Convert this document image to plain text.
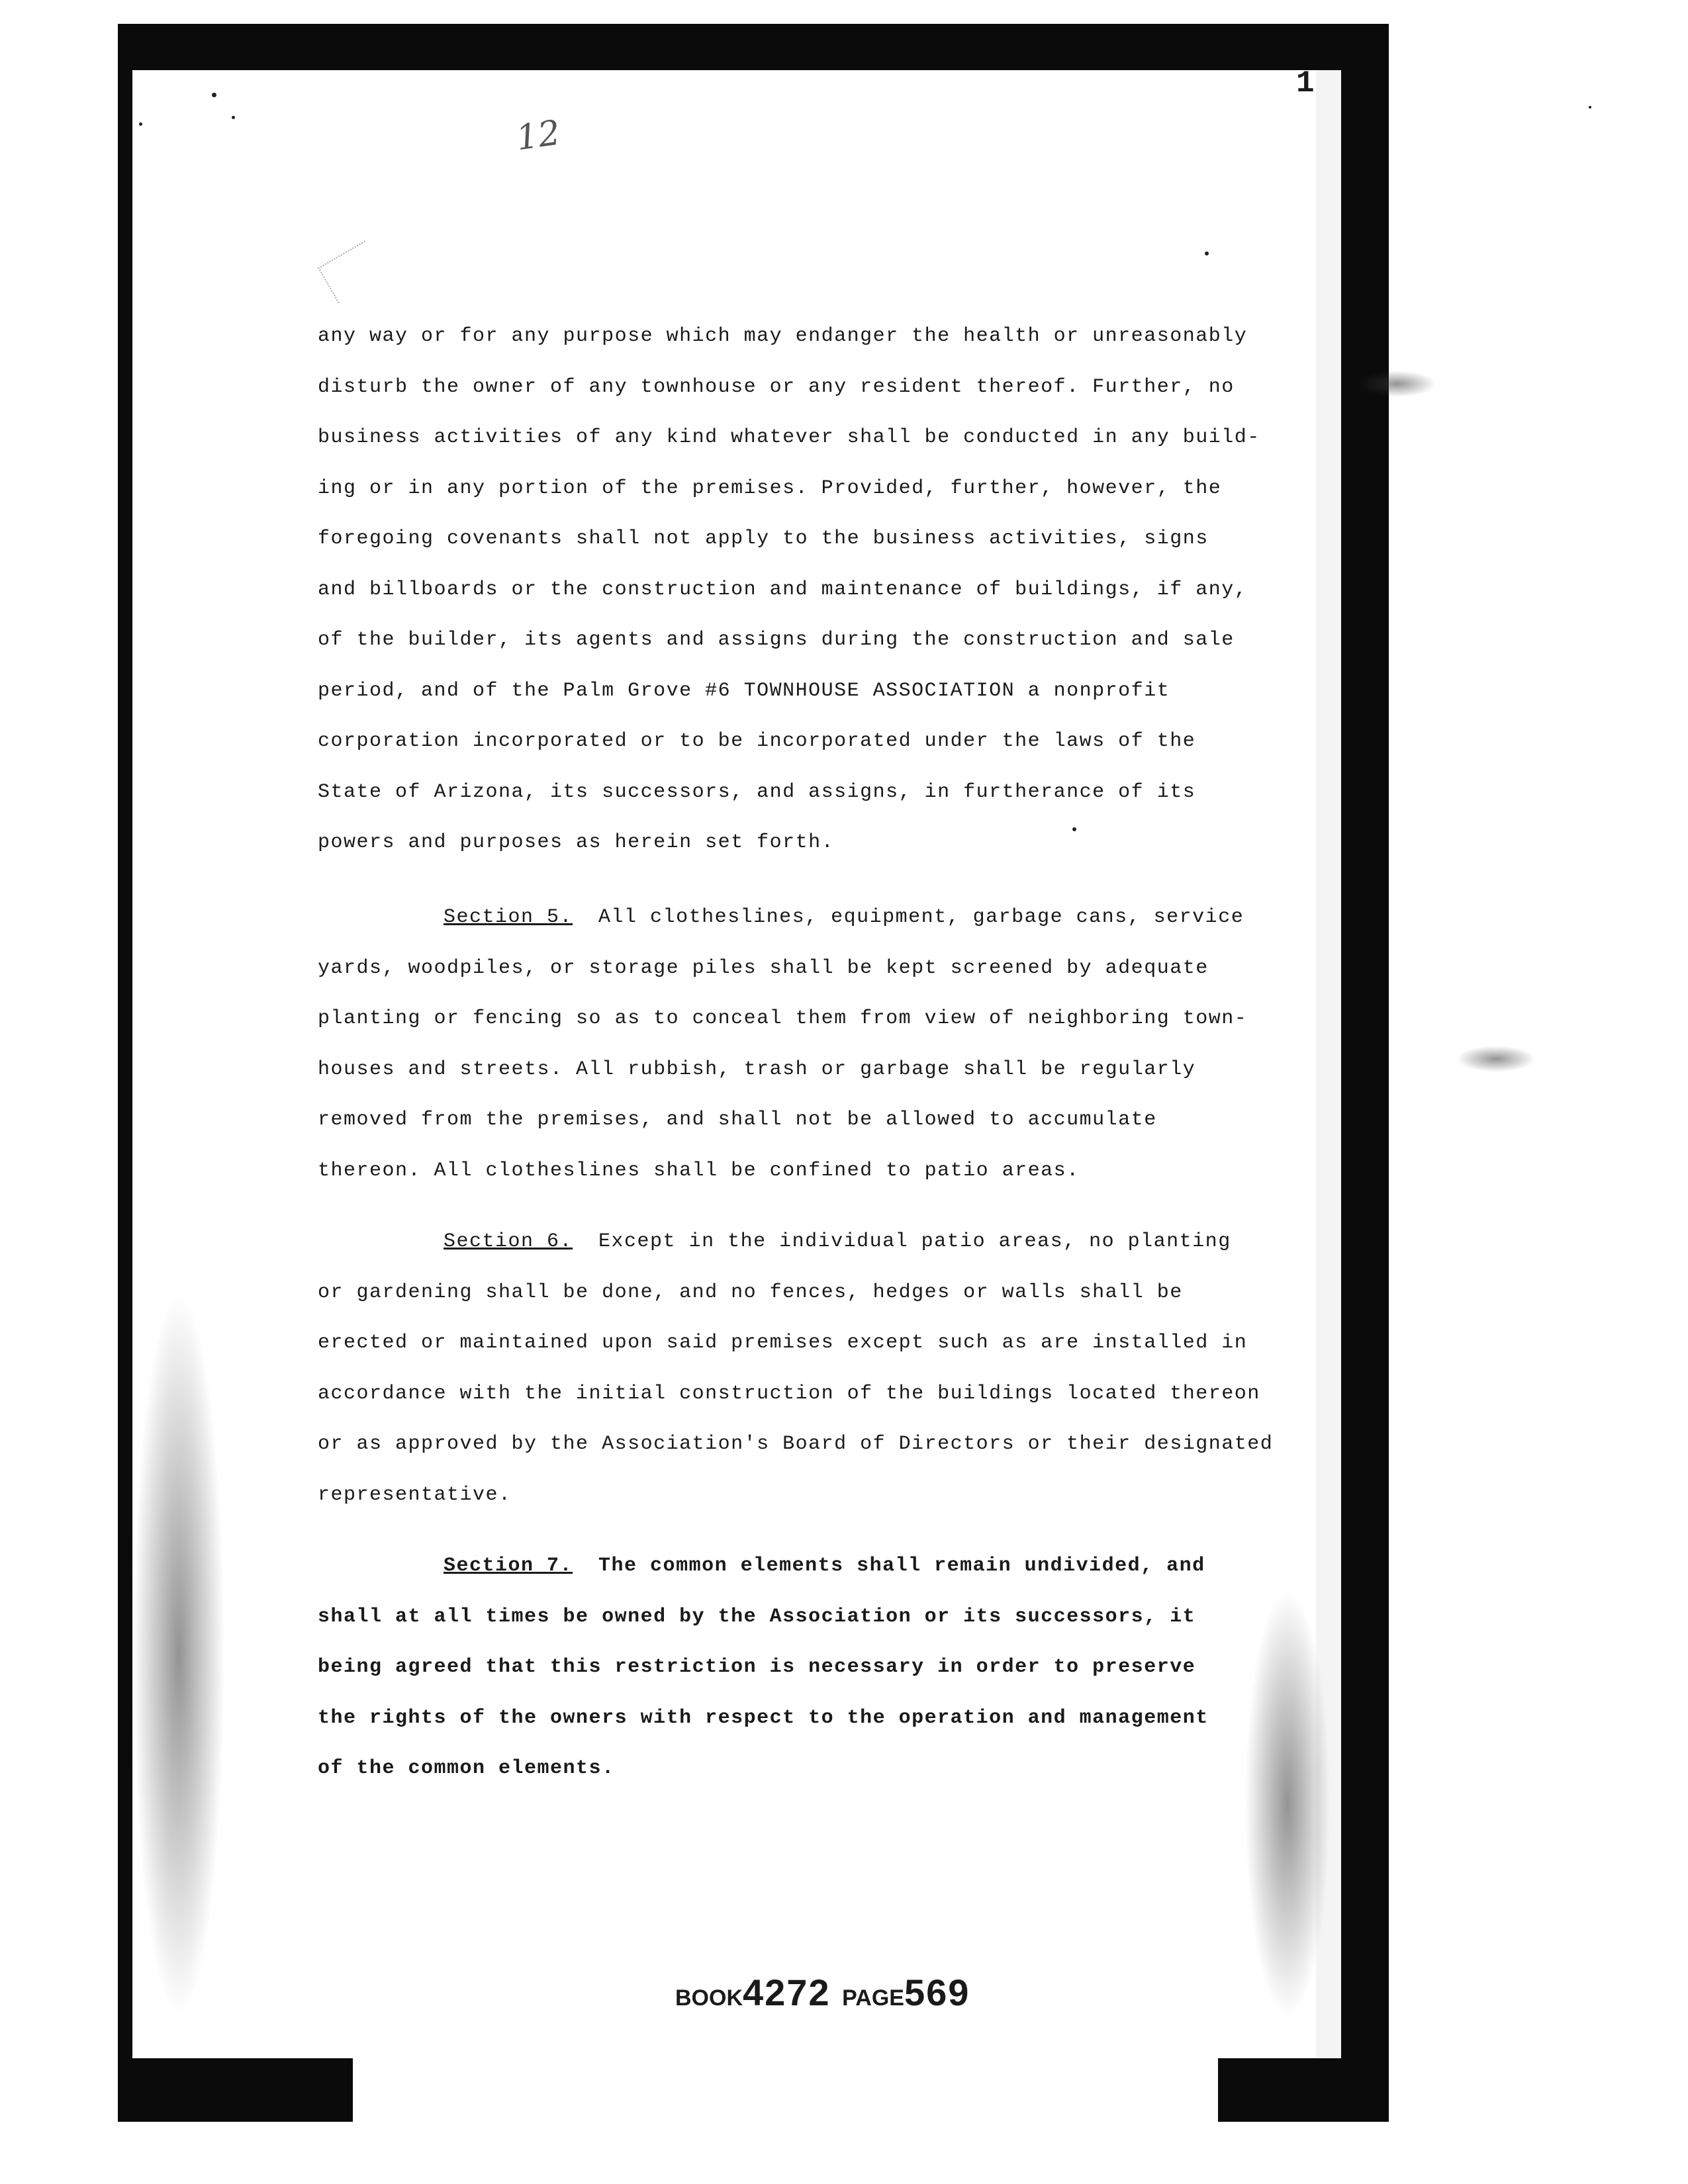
1
12
any way or for any purpose which may endanger the health or unreasonably
disturb the owner of any townhouse or any resident thereof. Further, no
business activities of any kind whatever shall be conducted in any build-
ing or in any portion of the premises. Provided, further, however, the
foregoing covenants shall not apply to the business activities, signs
and billboards or the construction and maintenance of buildings, if any,
of the builder, its agents and assigns during the construction and sale
period, and of the Palm Grove #6 TOWNHOUSE ASSOCIATION a nonprofit
corporation incorporated or to be incorporated under the laws of the
State of Arizona, its successors, and assigns, in furtherance of its
powers and purposes as herein set forth.
Section 5. All clotheslines, equipment, garbage cans, service
yards, woodpiles, or storage piles shall be kept screened by adequate
planting or fencing so as to conceal them from view of neighboring town-
houses and streets. All rubbish, trash or garbage shall be regularly
removed from the premises, and shall not be allowed to accumulate
thereon. All clotheslines shall be confined to patio areas.
Section 6. Except in the individual patio areas, no planting
or gardening shall be done, and no fences, hedges or walls shall be
erected or maintained upon said premises except such as are installed in
accordance with the initial construction of the buildings located thereon
or as approved by the Association's Board of Directors or their designated
representative.
Section 7. The common elements shall remain undivided, and
shall at all times be owned by the Association or its successors, it
being agreed that this restriction is necessary in order to preserve
the rights of the owners with respect to the operation and management
of the common elements.
BOOK4272 PAGE569
